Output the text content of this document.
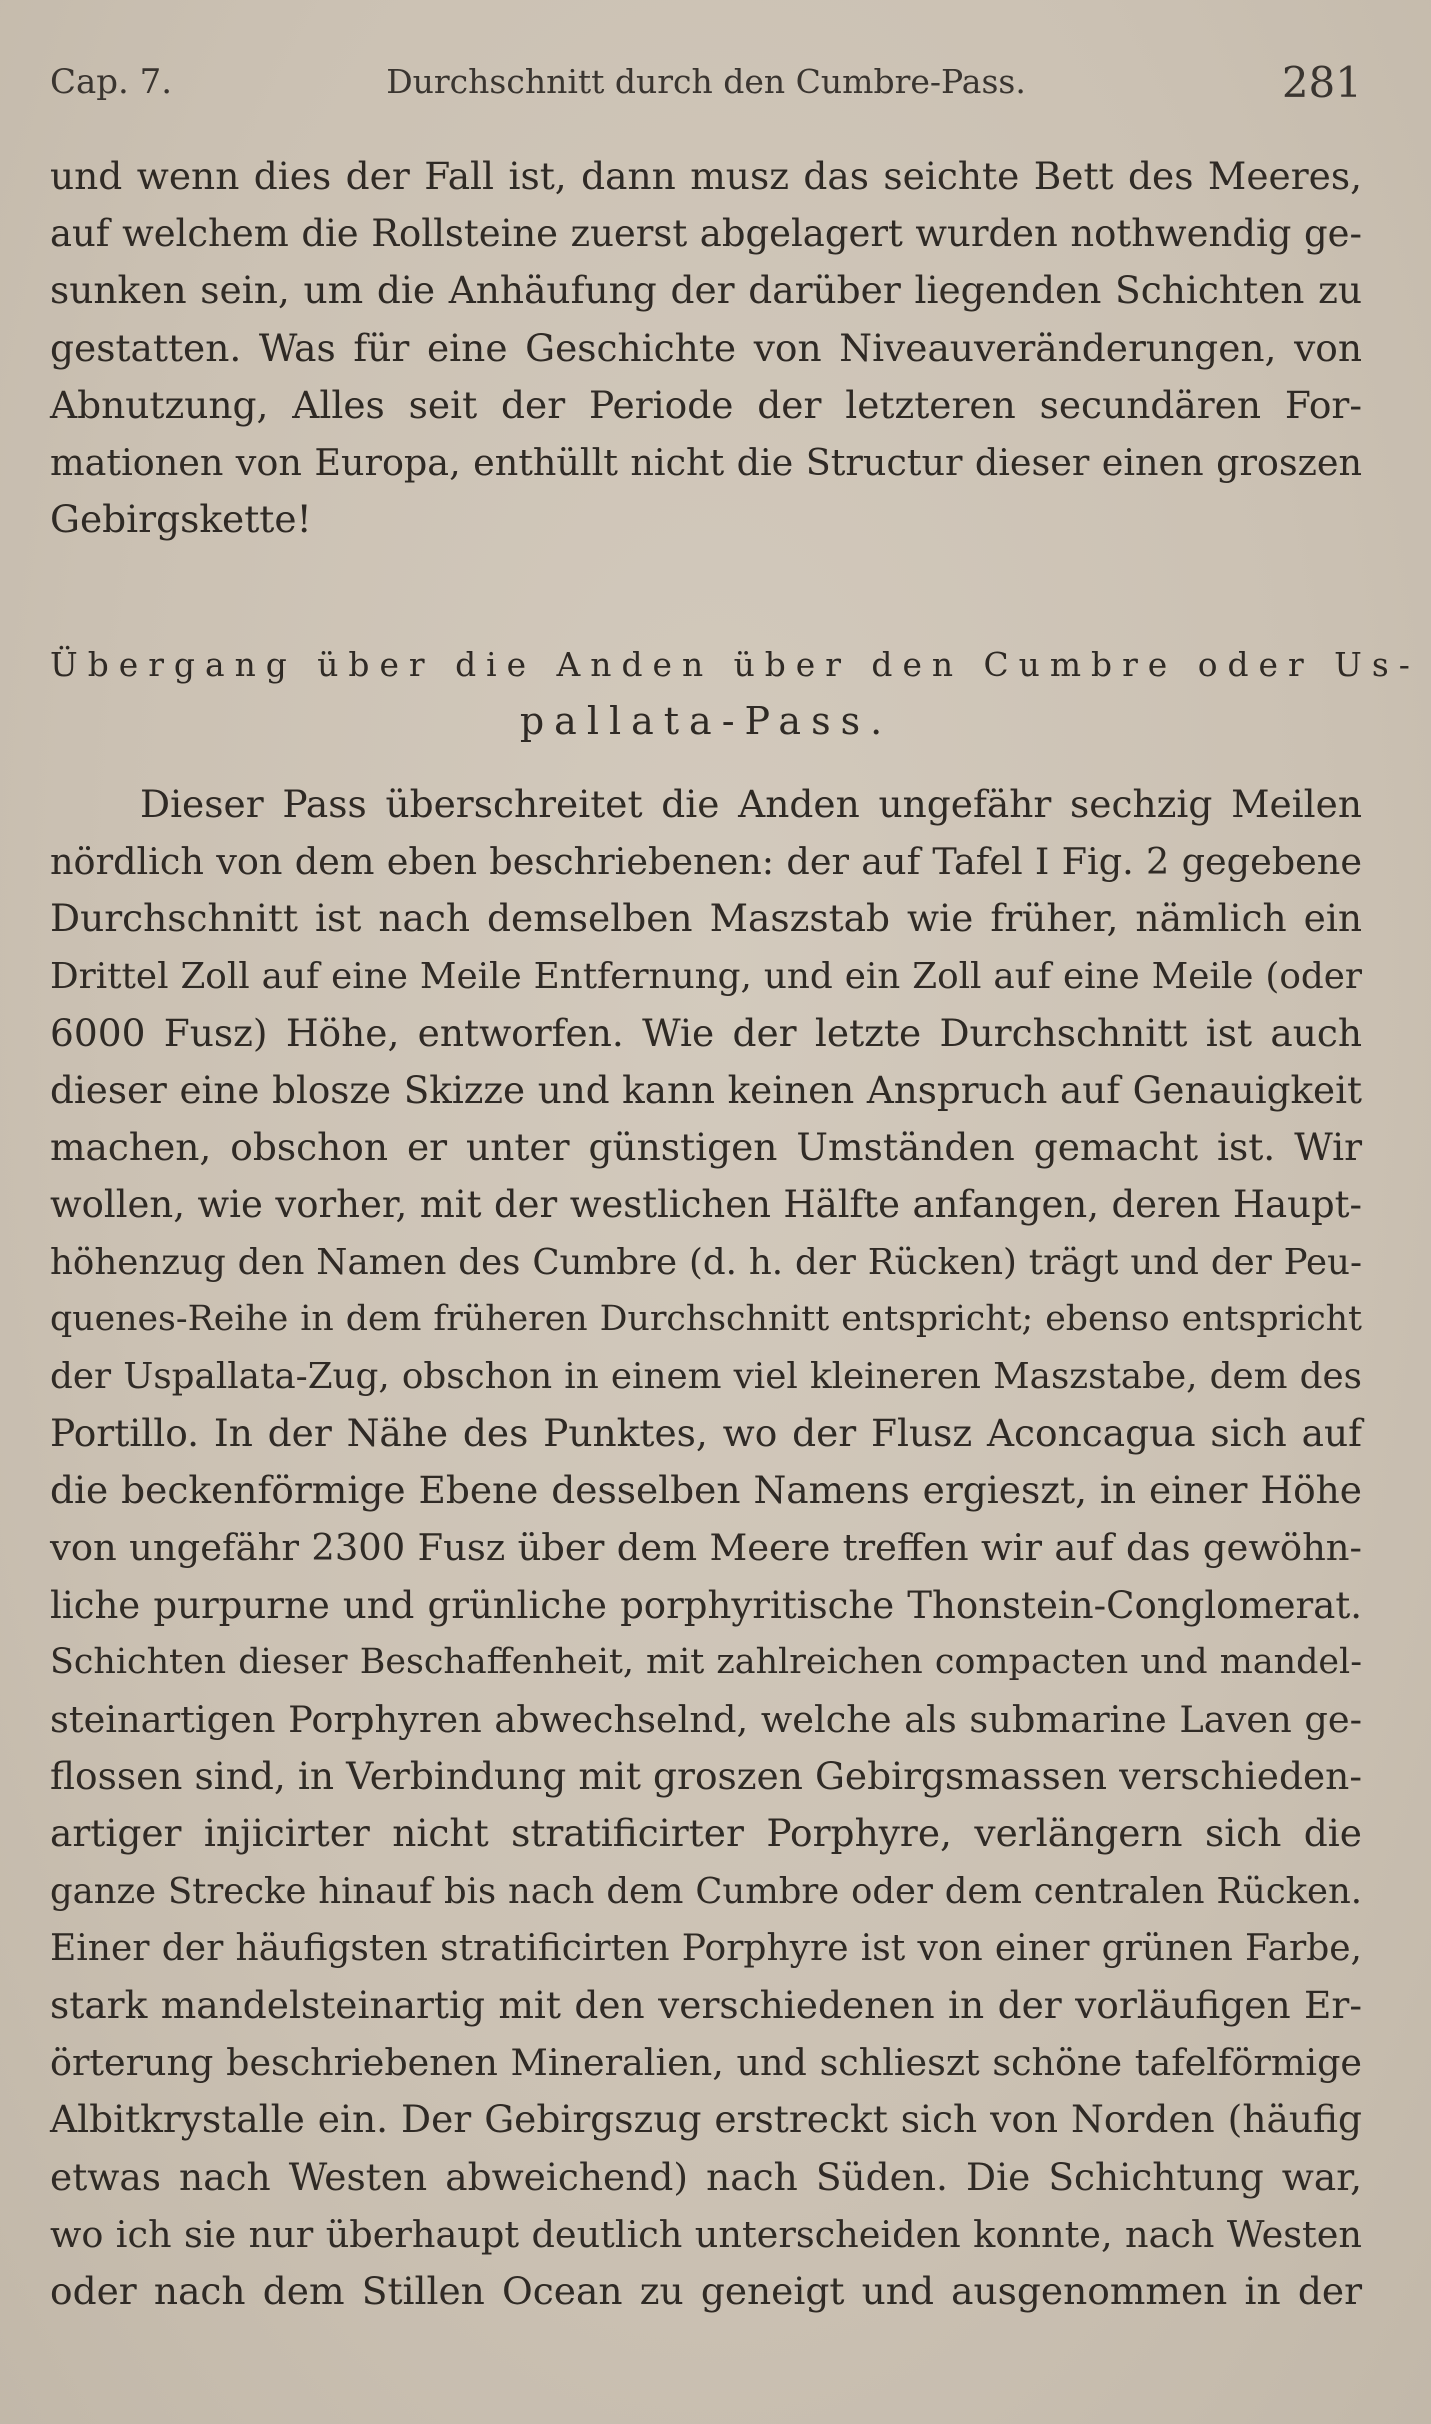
Cap. 7.	Durchschnitt durch den Cumbre-Pass.	281
und wenn dies der Fall ist, dann musz das seichte Bett des Meeres,
auf welchem die Rollsteine zuerst abgelagert wurden nothwendig ge-
sunken sein, um die Anhäufung der darüber liegenden Schichten zu
gestatten. Was für eine Geschichte von Niveauveränderungen, von
Abnutzung, Alles seit der Periode der letzteren secundären For-
mationen von Europa, enthüllt nicht die Structur dieser einen groszen
Gebirgskette!
Übergang über die Anden über den Cumbre oder Us-
pallata-Pass.
Dieser Pass überschreitet die Anden ungefähr sechzig Meilen
nördlich von dem eben beschriebenen: der auf Tafel I Fig. 2 gegebene
Durchschnitt ist nach demselben Maszstab wie früher, nämlich ein
Drittel Zoll auf eine Meile Entfernung, und ein Zoll auf eine Meile (oder
6000 Fusz) Höhe, entworfen. Wie der letzte Durchschnitt ist auch
dieser eine blosze Skizze und kann keinen Anspruch auf Genauigkeit
machen, obschon er unter günstigen Umständen gemacht ist. Wir
wollen, wie vorher, mit der westlichen Hälfte anfangen, deren Haupt-
höhenzug den Namen des Cumbre (d. h. der Rücken) trägt und der Peu-
quenes-Reihe in dem früheren Durchschnitt entspricht; ebenso entspricht
der Uspallata-Zug, obschon in einem viel kleineren Maszstabe, dem des
Portillo. In der Nähe des Punktes, wo der Flusz Aconcagua sich auf
die beckenförmige Ebene desselben Namens ergieszt, in einer Höhe
von ungefähr 2300 Fusz über dem Meere treffen wir auf das gewöhn-
liche purpurne und grünliche porphyritische Thonstein-Conglomerat.
Schichten dieser Beschaffenheit, mit zahlreichen compacten und mandel-
steinartigen Porphyren abwechselnd, welche als submarine Laven ge-
flossen sind, in Verbindung mit groszen Gebirgsmassen verschieden-
artiger injicirter nicht stratificirter Porphyre, verlängern sich die
ganze Strecke hinauf bis nach dem Cumbre oder dem centralen Rücken.
Einer der häufigsten stratificirten Porphyre ist von einer grünen Farbe,
stark mandelsteinartig mit den verschiedenen in der vorläufigen Er-
örterung beschriebenen Mineralien, und schlieszt schöne tafelförmige
Albitkrystalle ein. Der Gebirgszug erstreckt sich von Norden (häufig
etwas nach Westen abweichend) nach Süden. Die Schichtung war,
wo ich sie nur überhaupt deutlich unterscheiden konnte, nach Westen
oder nach dem Stillen Ocean zu geneigt und ausgenommen in der
